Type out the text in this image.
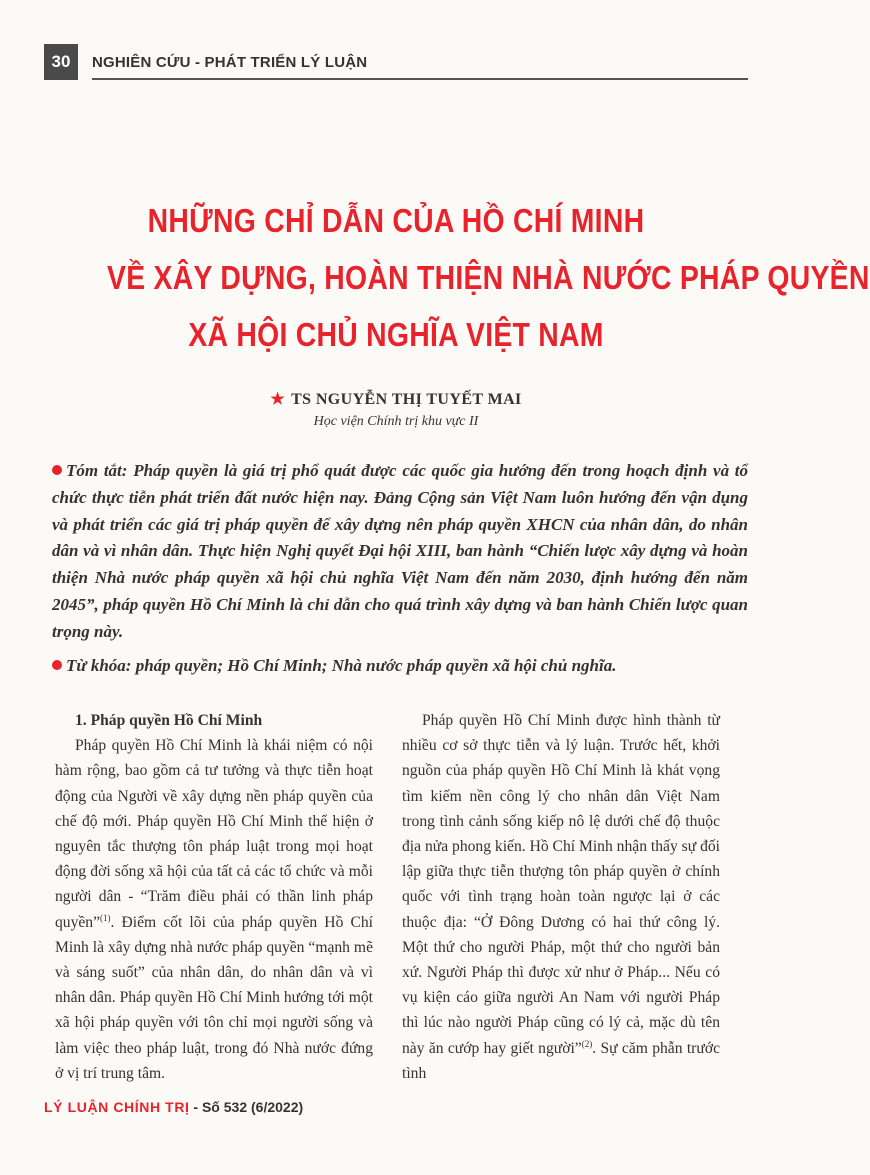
30	NGHIÊN CỨU - PHÁT TRIỂN LÝ LUẬN
NHỮNG CHỈ DẪN CỦA HỒ CHÍ MINH
VỀ XÂY DỰNG, HOÀN THIỆN NHÀ NƯỚC PHÁP QUYỀN
XÃ HỘI CHỦ NGHĨA VIỆT NAM
★ TS NGUYỄN THỊ TUYẾT MAI
Học viện Chính trị khu vực II
Tóm tắt: Pháp quyền là giá trị phổ quát được các quốc gia hướng đến trong hoạch định và tổ chức thực tiễn phát triển đất nước hiện nay. Đảng Cộng sản Việt Nam luôn hướng đến vận dụng và phát triển các giá trị pháp quyền để xây dựng nên pháp quyền XHCN của nhân dân, do nhân dân và vì nhân dân. Thực hiện Nghị quyết Đại hội XIII, ban hành “Chiến lược xây dựng và hoàn thiện Nhà nước pháp quyền xã hội chủ nghĩa Việt Nam đến năm 2030, định hướng đến năm 2045”, pháp quyền Hồ Chí Minh là chỉ dẫn cho quá trình xây dựng và ban hành Chiến lược quan trọng này.
Từ khóa: pháp quyền; Hồ Chí Minh; Nhà nước pháp quyền xã hội chủ nghĩa.
1. Pháp quyền Hồ Chí Minh

Pháp quyền Hồ Chí Minh là khái niệm có nội hàm rộng, bao gồm cả tư tưởng và thực tiễn hoạt động của Người về xây dựng nền pháp quyền của chế độ mới. Pháp quyền Hồ Chí Minh thể hiện ở nguyên tắc thượng tôn pháp luật trong mọi hoạt động đời sống xã hội của tất cả các tổ chức và mỗi người dân - “Trăm điều phải có thần linh pháp quyền”$^{(1)}$. Điểm cốt lõi của pháp quyền Hồ Chí Minh là xây dựng nhà nước pháp quyền “mạnh mẽ và sáng suốt” của nhân dân, do nhân dân và vì nhân dân. Pháp quyền Hồ Chí Minh hướng tới một xã hội pháp quyền với tôn chỉ mọi người sống và làm việc theo pháp luật, trong đó Nhà nước đứng ở vị trí trung tâm.

Pháp quyền Hồ Chí Minh được hình thành từ nhiều cơ sở thực tiễn và lý luận. Trước hết, khởi nguồn của pháp quyền Hồ Chí Minh là khát vọng tìm kiếm nền công lý cho nhân dân Việt Nam trong tình cảnh sống kiếp nô lệ dưới chế độ thuộc địa nửa phong kiến. Hồ Chí Minh nhận thấy sự đối lập giữa thực tiễn thượng tôn pháp quyền ở chính quốc với tình trạng hoàn toàn ngược lại ở các thuộc địa: “Ở Đông Dương có hai thứ công lý. Một thứ cho người Pháp, một thứ cho người bản xứ. Người Pháp thì được xử như ở Pháp... Nếu có vụ kiện cáo giữa người An Nam với người Pháp thì lúc nào người Pháp cũng có lý cả, mặc dù tên này ăn cướp hay giết người”$^{(2)}$. Sự căm phẫn trước tình

LÝ LUẬN CHÍNH TRỊ - Số 532 (6/2022)
